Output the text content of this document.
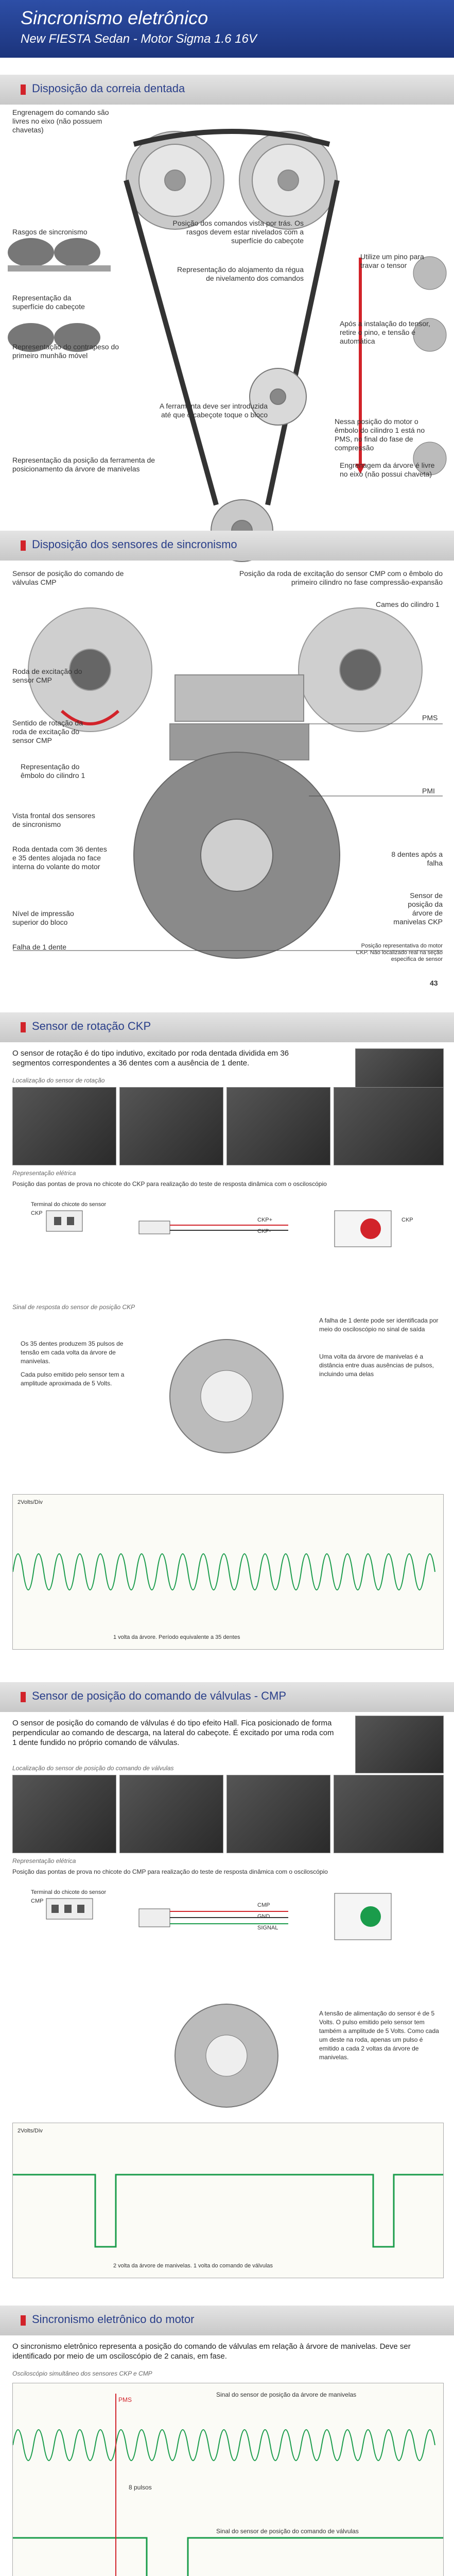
Sincronismo eletrônico
New FIESTA Sedan - Motor Sigma 1.6 16V
Disposição da correia dentada
Engrenagem do comando são livres no eixo (não possuem chavetas)
Rasgos de sincronismo
Posição dos comandos vista por trás. Os rasgos devem estar nivelados com a superfície do cabeçote
Representação do alojamento da régua de nivelamento dos comandos
Representação da superfície do cabeçote
Utilize um pino para travar o tensor
Após a instalação do tensor, retire o pino, e tensão é automática
Representação do contrapeso do primeiro munhão móvel
A ferramenta deve ser introduzida até que o cabeçote toque o bloco
Nessa posição do motor o êmbolo do cilindro 1 está no PMS, no final do fase de compressão
Representação da posição da ferramenta de posicionamento da árvore de manivelas	Engrenagem da árvore é livre no eixo (não possui chaveta)
Disposição dos sensores de sincronismo
Sensor de posição do comando de válvulas CMP
Posição da roda de excitação do sensor CMP com o êmbolo do primeiro cilindro no fase compressão-expansão
Cames do cilindro 1
Roda de excitação do sensor CMP
Sentido de rotação da roda de excitação do sensor CMP
PMS
Representação do êmbolo do cilindro 1
PMI
Vista frontal dos sensores de sincronismo
Roda dentada com 36 dentes e 35 dentes alojada no face interna do volante do motor
Nível de impressão superior do bloco
8 dentes após a falha
Sensor de posição da árvore de manivelas CKP
Falha de 1 dente	Posição representativa do motor CKP. Não localizado real na seção especifica de sensor
43
Sensor de rotação CKP
O sensor de rotação é do tipo indutivo, excitado por roda dentada dividida em 36 segmentos correspondentes a 36 dentes com a ausência de 1 dente.
Localização do sensor de rotação
Representação elétrica
Posição das pontas de prova no chicote do CKP para realização do teste de resposta dinâmica com o osciloscópio
Terminal do chicote do sensor CKP
CKP+
CKP-
CKP
Sinal de resposta do sensor de posição CKP
A falha de 1 dente pode ser identificada por meio do osciloscópio no sinal de saída
Uma volta da árvore de manivelas é a distância entre duas ausências de pulsos, incluindo uma delas
Os 35 dentes produzem 35 pulsos de tensão em cada volta da árvore de manivelas.
Cada pulso emitido pelo sensor tem a amplitude aproximada de 5 Volts.
2Volts/Div
1 volta da árvore. Período equivalente a 35 dentes
Sensor de posição do comando de válvulas - CMP
O sensor de posição do comando de válvulas é do tipo efeito Hall. Fica posicionado de forma perpendicular ao comando de descarga, na lateral do cabeçote. É excitado por uma roda com 1 dente fundido no próprio comando de válvulas.
Localização do sensor de posição do comando de válvulas
Representação elétrica
Posição das pontas de prova no chicote do CMP para realização do teste de resposta dinâmica com o osciloscópio
Terminal do chicote do sensor CMP
CMP
GND
SIGNAL
A tensão de alimentação do sensor é de 5 Volts. O pulso emitido pelo sensor tem também a amplitude de 5 Volts. Como cada um deste na roda, apenas um pulso é emitido a cada 2 voltas da árvore de manivelas.
2Volts/Div
2 volta da árvore de manivelas. 1 volta do comando de válvulas
Sincronismo eletrônico do motor
O sincronismo eletrônico representa a posição do comando de válvulas em relação à árvore de manivelas. Deve ser identificado por meio de um osciloscópio de 2 canais, em fase.
Osciloscópio simultâneo dos sensores CKP e CMP
Sinal do sensor de posição da árvore de manivelas
Sinal do sensor de posição do comando de válvulas
PMS
8 pulsos
